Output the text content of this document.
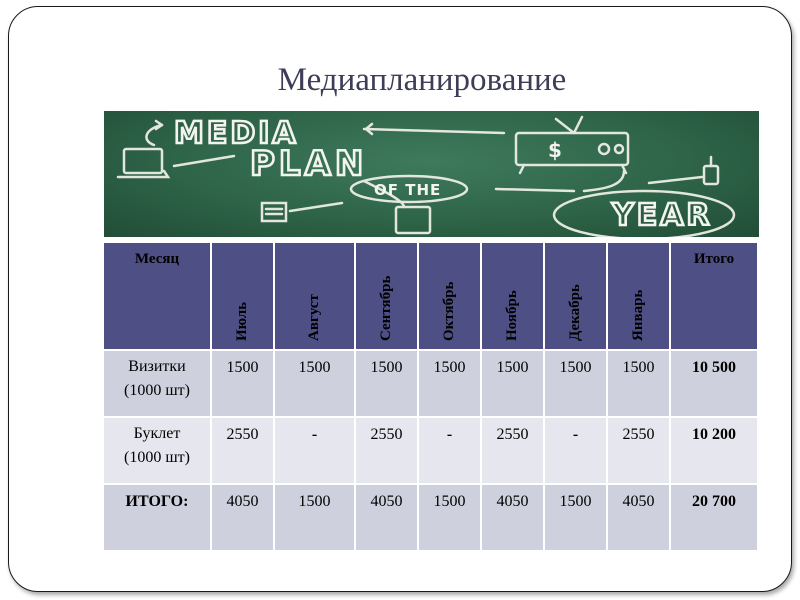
Медиапланирование
MEDIA
PLAN
YEAR
OF THE
$
Месяц	Июль	Август	Сентябрь	Октябрь	Ноябрь	Декабрь	Январь	Итого

Визитки
(1000 шт)	1500	1500	1500	1500	1500	1500	1500	10 500
Буклет
(1000 шт)	2550	-	2550	-	2550	-	2550	10 200
ИТОГО:	4050	1500	4050	1500	4050	1500	4050	20 700
